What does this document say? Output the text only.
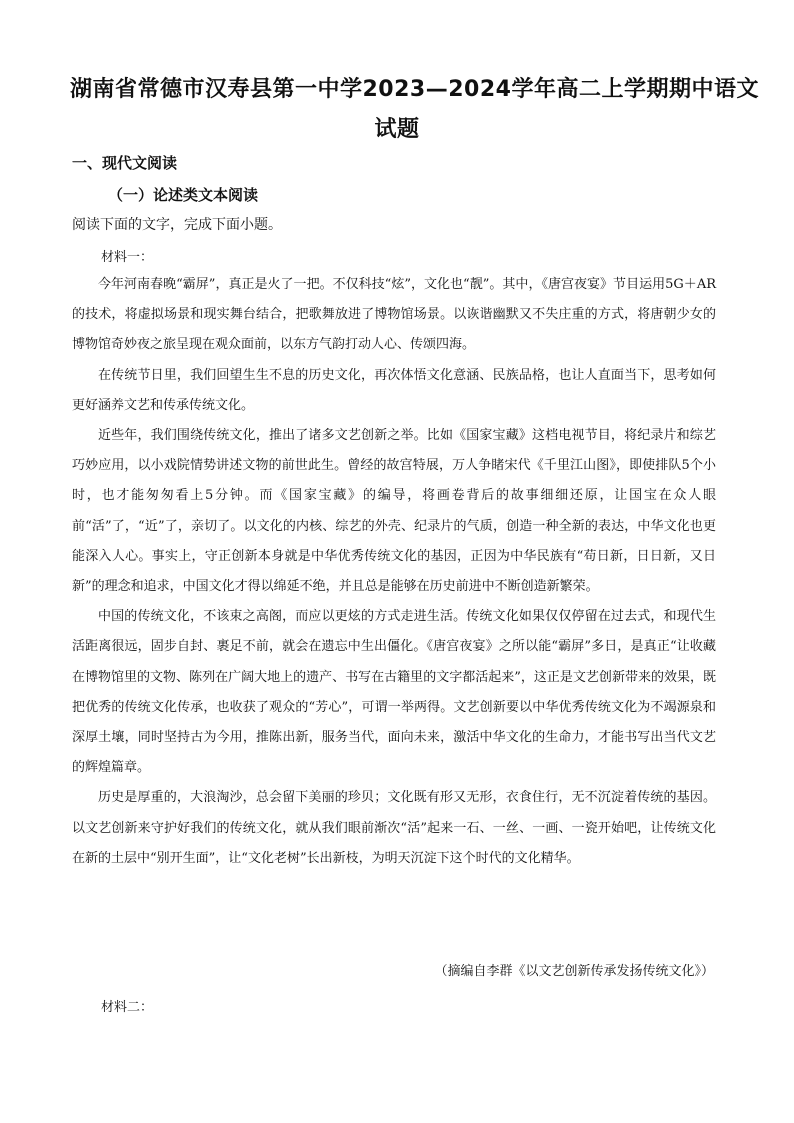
湖南省常德市汉寿县第一中学2023—2024学年高二上学期期中语文
试题
一、现代文阅读
（一）论述类文本阅读
阅读下面的文字，完成下面小题。
材料一：

今年河南春晚“霸屏”，真正是火了一把。不仅科技“炫”，文化也“靓”。其中，《唐宫夜宴》节目运用5G＋AR的技术，将虚拟场景和现实舞台结合，把歌舞放进了博物馆场景。以诙谐幽默又不失庄重的方式，将唐朝少女的博物馆奇妙夜之旅呈现在观众面前，以东方气韵打动人心、传颂四海。

在传统节日里，我们回望生生不息的历史文化，再次体悟文化意涵、民族品格，也让人直面当下，思考如何更好涵养文艺和传承传统文化。

近些年，我们围绕传统文化，推出了诸多文艺创新之举。比如《国家宝藏》这档电视节目，将纪录片和综艺巧妙应用，以小戏院情势讲述文物的前世此生。曾经的故宫特展，万人争睹宋代《千里江山图》，即使排队5个小时，也才能匆匆看上5分钟。而《国家宝藏》的编导，将画卷背后的故事细细还原，让国宝在众人眼前“活”了，“近”了，亲切了。以文化的内核、综艺的外壳、纪录片的气质，创造一种全新的表达，中华文化也更能深入人心。事实上，守正创新本身就是中华优秀传统文化的基因，正因为中华民族有“苟日新，日日新，又日新”的理念和追求，中国文化才得以绵延不绝，并且总是能够在历史前进中不断创造新繁荣。

中国的传统文化，不该束之高阁，而应以更炫的方式走进生活。传统文化如果仅仅停留在过去式，和现代生活距离很远，固步自封、裹足不前，就会在遗忘中生出僵化。《唐宫夜宴》之所以能“霸屏”多日，是真正“让收藏在博物馆里的文物、陈列在广阔大地上的遗产、书写在古籍里的文字都活起来”，这正是文艺创新带来的效果，既把优秀的传统文化传承，也收获了观众的“芳心”，可谓一举两得。文艺创新要以中华优秀传统文化为不竭源泉和深厚土壤，同时坚持古为今用，推陈出新，服务当代，面向未来，激活中华文化的生命力，才能书写出当代文艺的辉煌篇章。

历史是厚重的，大浪淘沙，总会留下美丽的珍贝；文化既有形又无形，衣食住行，无不沉淀着传统的基因。以文艺创新来守护好我们的传统文化，就从我们眼前渐次“活”起来一石、一丝、一画、一瓷开始吧，让传统文化在新的土层中“别开生面”，让“文化老树”长出新枝，为明天沉淀下这个时代的文化精华。

（摘编自李群《以文艺创新传承发扬传统文化》）
材料二：
